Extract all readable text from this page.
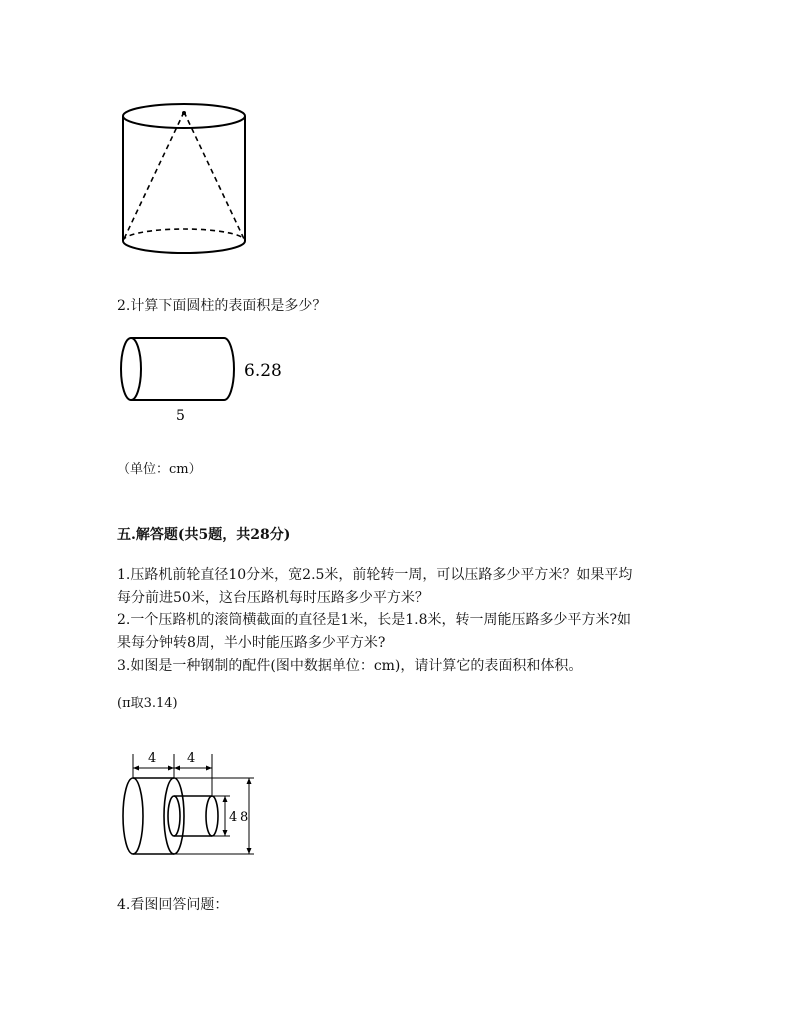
2.计算下面圆柱的表面积是多少？
6.28
5
（单位：cm）
五.解答题(共5题，共28分)
1.压路机前轮直径10分米，宽2.5米，前轮转一周，可以压路多少平方米？如果平均
每分前进50米，这台压路机每时压路多少平方米？
2.一个压路机的滚筒横截面的直径是1米，长是1.8米，转一周能压路多少平方米?如
果每分钟转8周，半小时能压路多少平方米?
3.如图是一种钢制的配件(图中数据单位：cm)，请计算它的表面积和体积。
(π取3.14)
4 4
4 8
4.看图回答问题：
